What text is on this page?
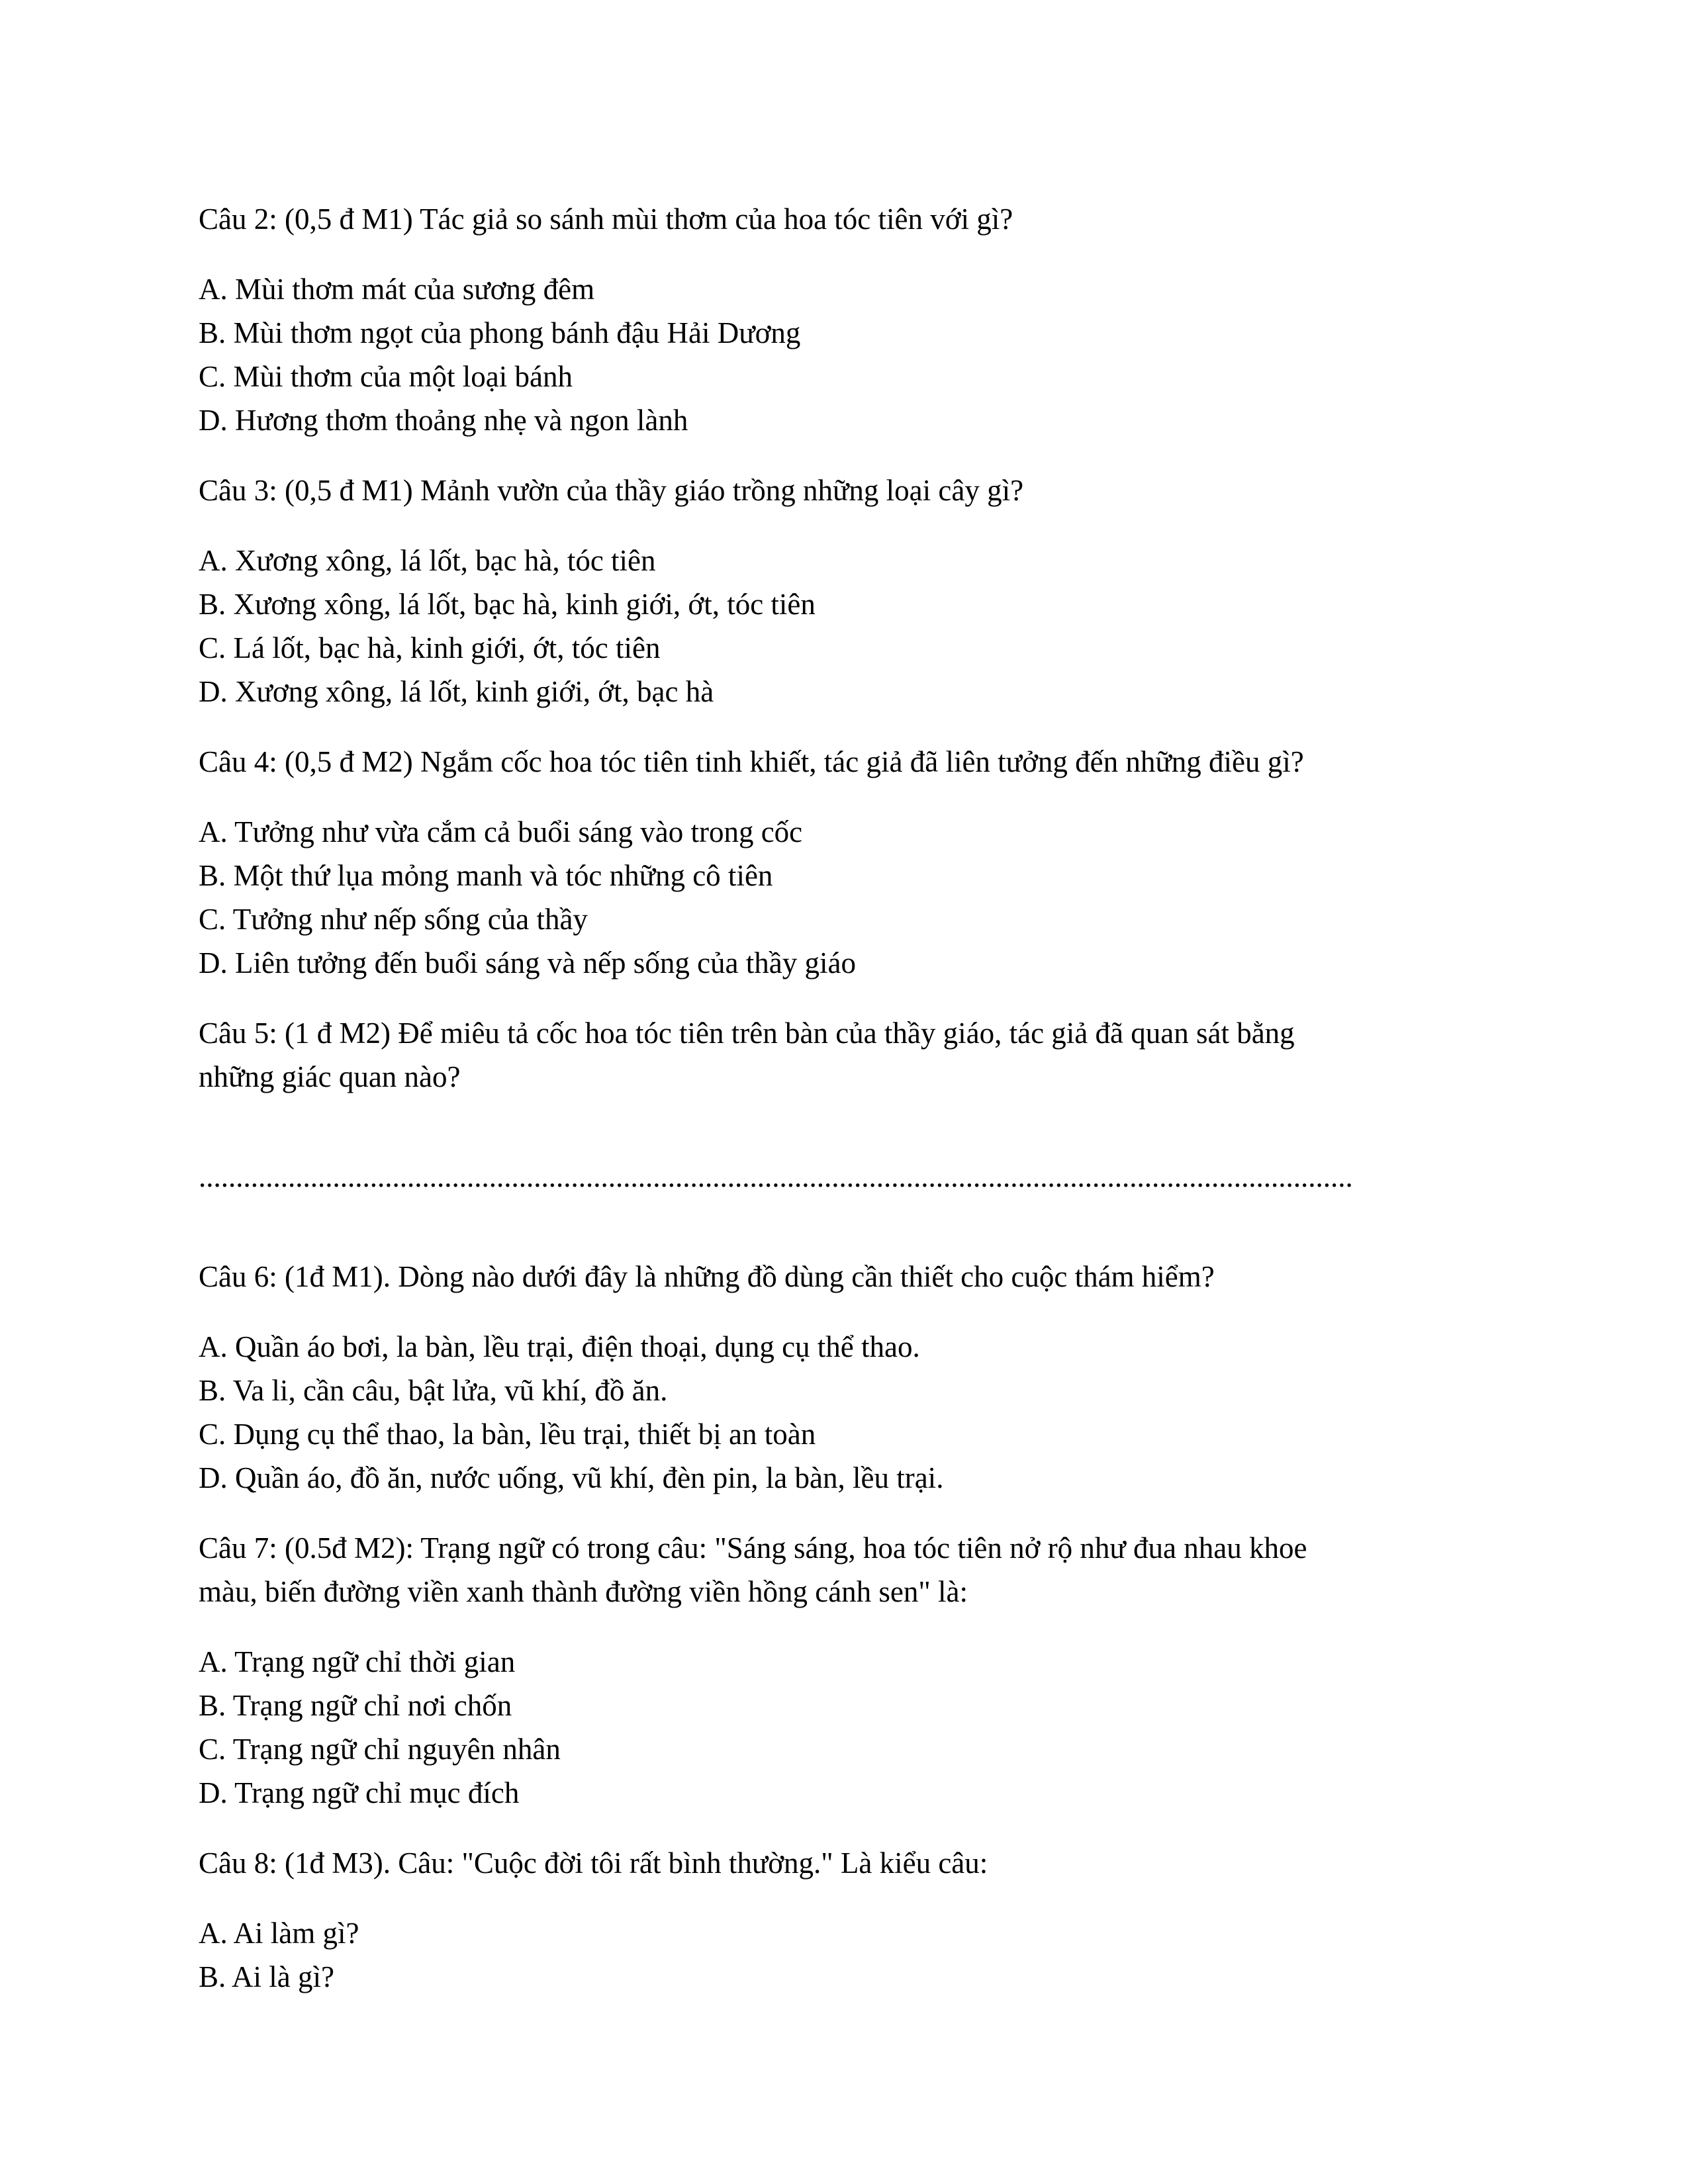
Câu 2: (0,5 đ M1) Tác giả so sánh mùi thơm của hoa tóc tiên với gì?

A. Mùi thơm mát của sương đêm

B. Mùi thơm ngọt của phong bánh đậu Hải Dương

C. Mùi thơm của một loại bánh

D. Hương thơm thoảng nhẹ và ngon lành

Câu 3: (0,5 đ M1) Mảnh vườn của thầy giáo trồng những loại cây gì?

A. Xương xông, lá lốt, bạc hà, tóc tiên

B. Xương xông, lá lốt, bạc hà, kinh giới, ớt, tóc tiên

C. Lá lốt, bạc hà, kinh giới, ớt, tóc tiên

D. Xương xông, lá lốt, kinh giới, ớt, bạc hà

Câu 4: (0,5 đ M2) Ngắm cốc hoa tóc tiên tinh khiết, tác giả đã liên tưởng đến những điều gì?

A. Tưởng như vừa cắm cả buổi sáng vào trong cốc

B. Một thứ lụa mỏng manh và tóc những cô tiên

C. Tưởng như nếp sống của thầy

D. Liên tưởng đến buổi sáng và nếp sống của thầy giáo

Câu 5: (1 đ M2) Để miêu tả cốc hoa tóc tiên trên bàn của thầy giáo, tác giả đã quan sát bằng

những giác quan nào?

...........................................................................................................................................................

Câu 6: (1đ M1). Dòng nào dưới đây là những đồ dùng cần thiết cho cuộc thám hiểm?

A. Quần áo bơi, la bàn, lều trại, điện thoại, dụng cụ thể thao.

B. Va li, cần câu, bật lửa, vũ khí, đồ ăn.

C. Dụng cụ thể thao, la bàn, lều trại, thiết bị an toàn

D. Quần áo, đồ ăn, nước uống, vũ khí, đèn pin, la bàn, lều trại.

Câu 7: (0.5đ M2): Trạng ngữ có trong câu: "Sáng sáng, hoa tóc tiên nở rộ như đua nhau khoe

màu, biến đường viền xanh thành đường viền hồng cánh sen" là:

A. Trạng ngữ chỉ thời gian

B. Trạng ngữ chỉ nơi chốn

C. Trạng ngữ chỉ nguyên nhân

D. Trạng ngữ chỉ mục đích

Câu 8: (1đ M3). Câu: "Cuộc đời tôi rất bình thường." Là kiểu câu:

A. Ai làm gì?

B. Ai là gì?
